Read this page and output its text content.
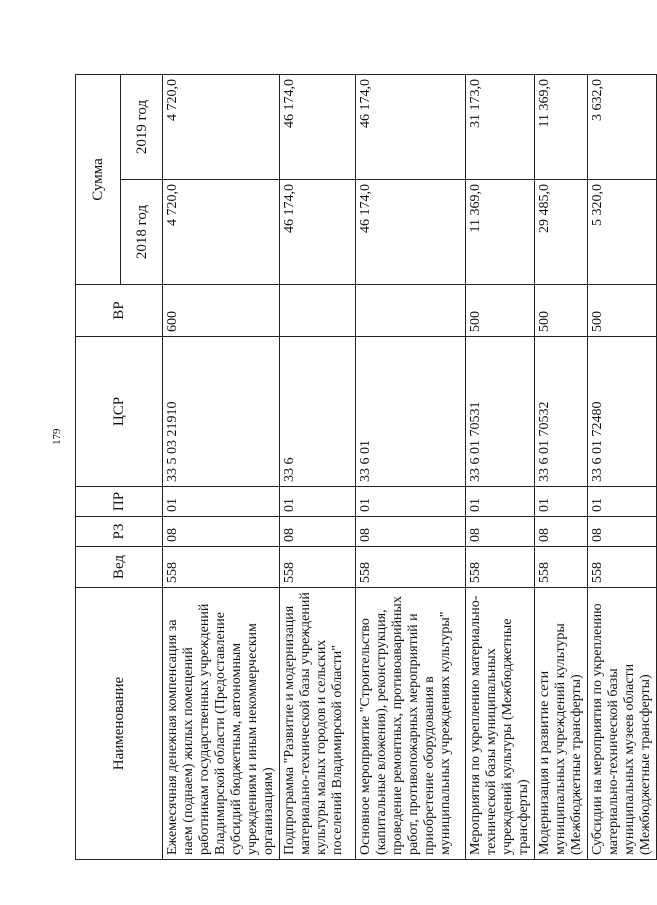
179
Наименование	Вед	РЗ	ПР	ЦСР	ВР	Сумма	
						2018 год	2019 год
Ежемесячная денежная компенсация за наем (поднаем) жилых помещений работникам государственных учреждений Владимирской области (Предоставление субсидий бюджетным, автономным учреждениям и иным некоммерческим организациям)	558	08	01	33 5 03 21910	600	4 720,0	4 720,0
Подпрограмма "Развитие и модернизация материально-технической базы учреждений культуры малых городов и сельских поселений Владимирской области"	558	08	01	33 6		46 174,0	46 174,0
Основное мероприятие "Строительство (капитальные вложения), реконструкция, проведение ремонтных, противоаварийных работ, противопожарных мероприятий и приобретение оборудования в муниципальных учреждениях культуры"	558	08	01	33 6 01		46 174,0	46 174,0
Мероприятия по укреплению материально-технической базы муниципальных учреждений культуры (Межбюджетные трансферты)	558	08	01	33 6 01 70531	500	11 369,0	31 173,0
Модернизация и развитие сети муниципальных учреждений культуры (Межбюджетные трансферты)	558	08	01	33 6 01 70532	500	29 485,0	11 369,0
Субсидии на мероприятия по укреплению материально-технической базы муниципальных музеев области (Межбюджетные трансферты)	558	08	01	33 6 01 72480	500	5 320,0	3 632,0
